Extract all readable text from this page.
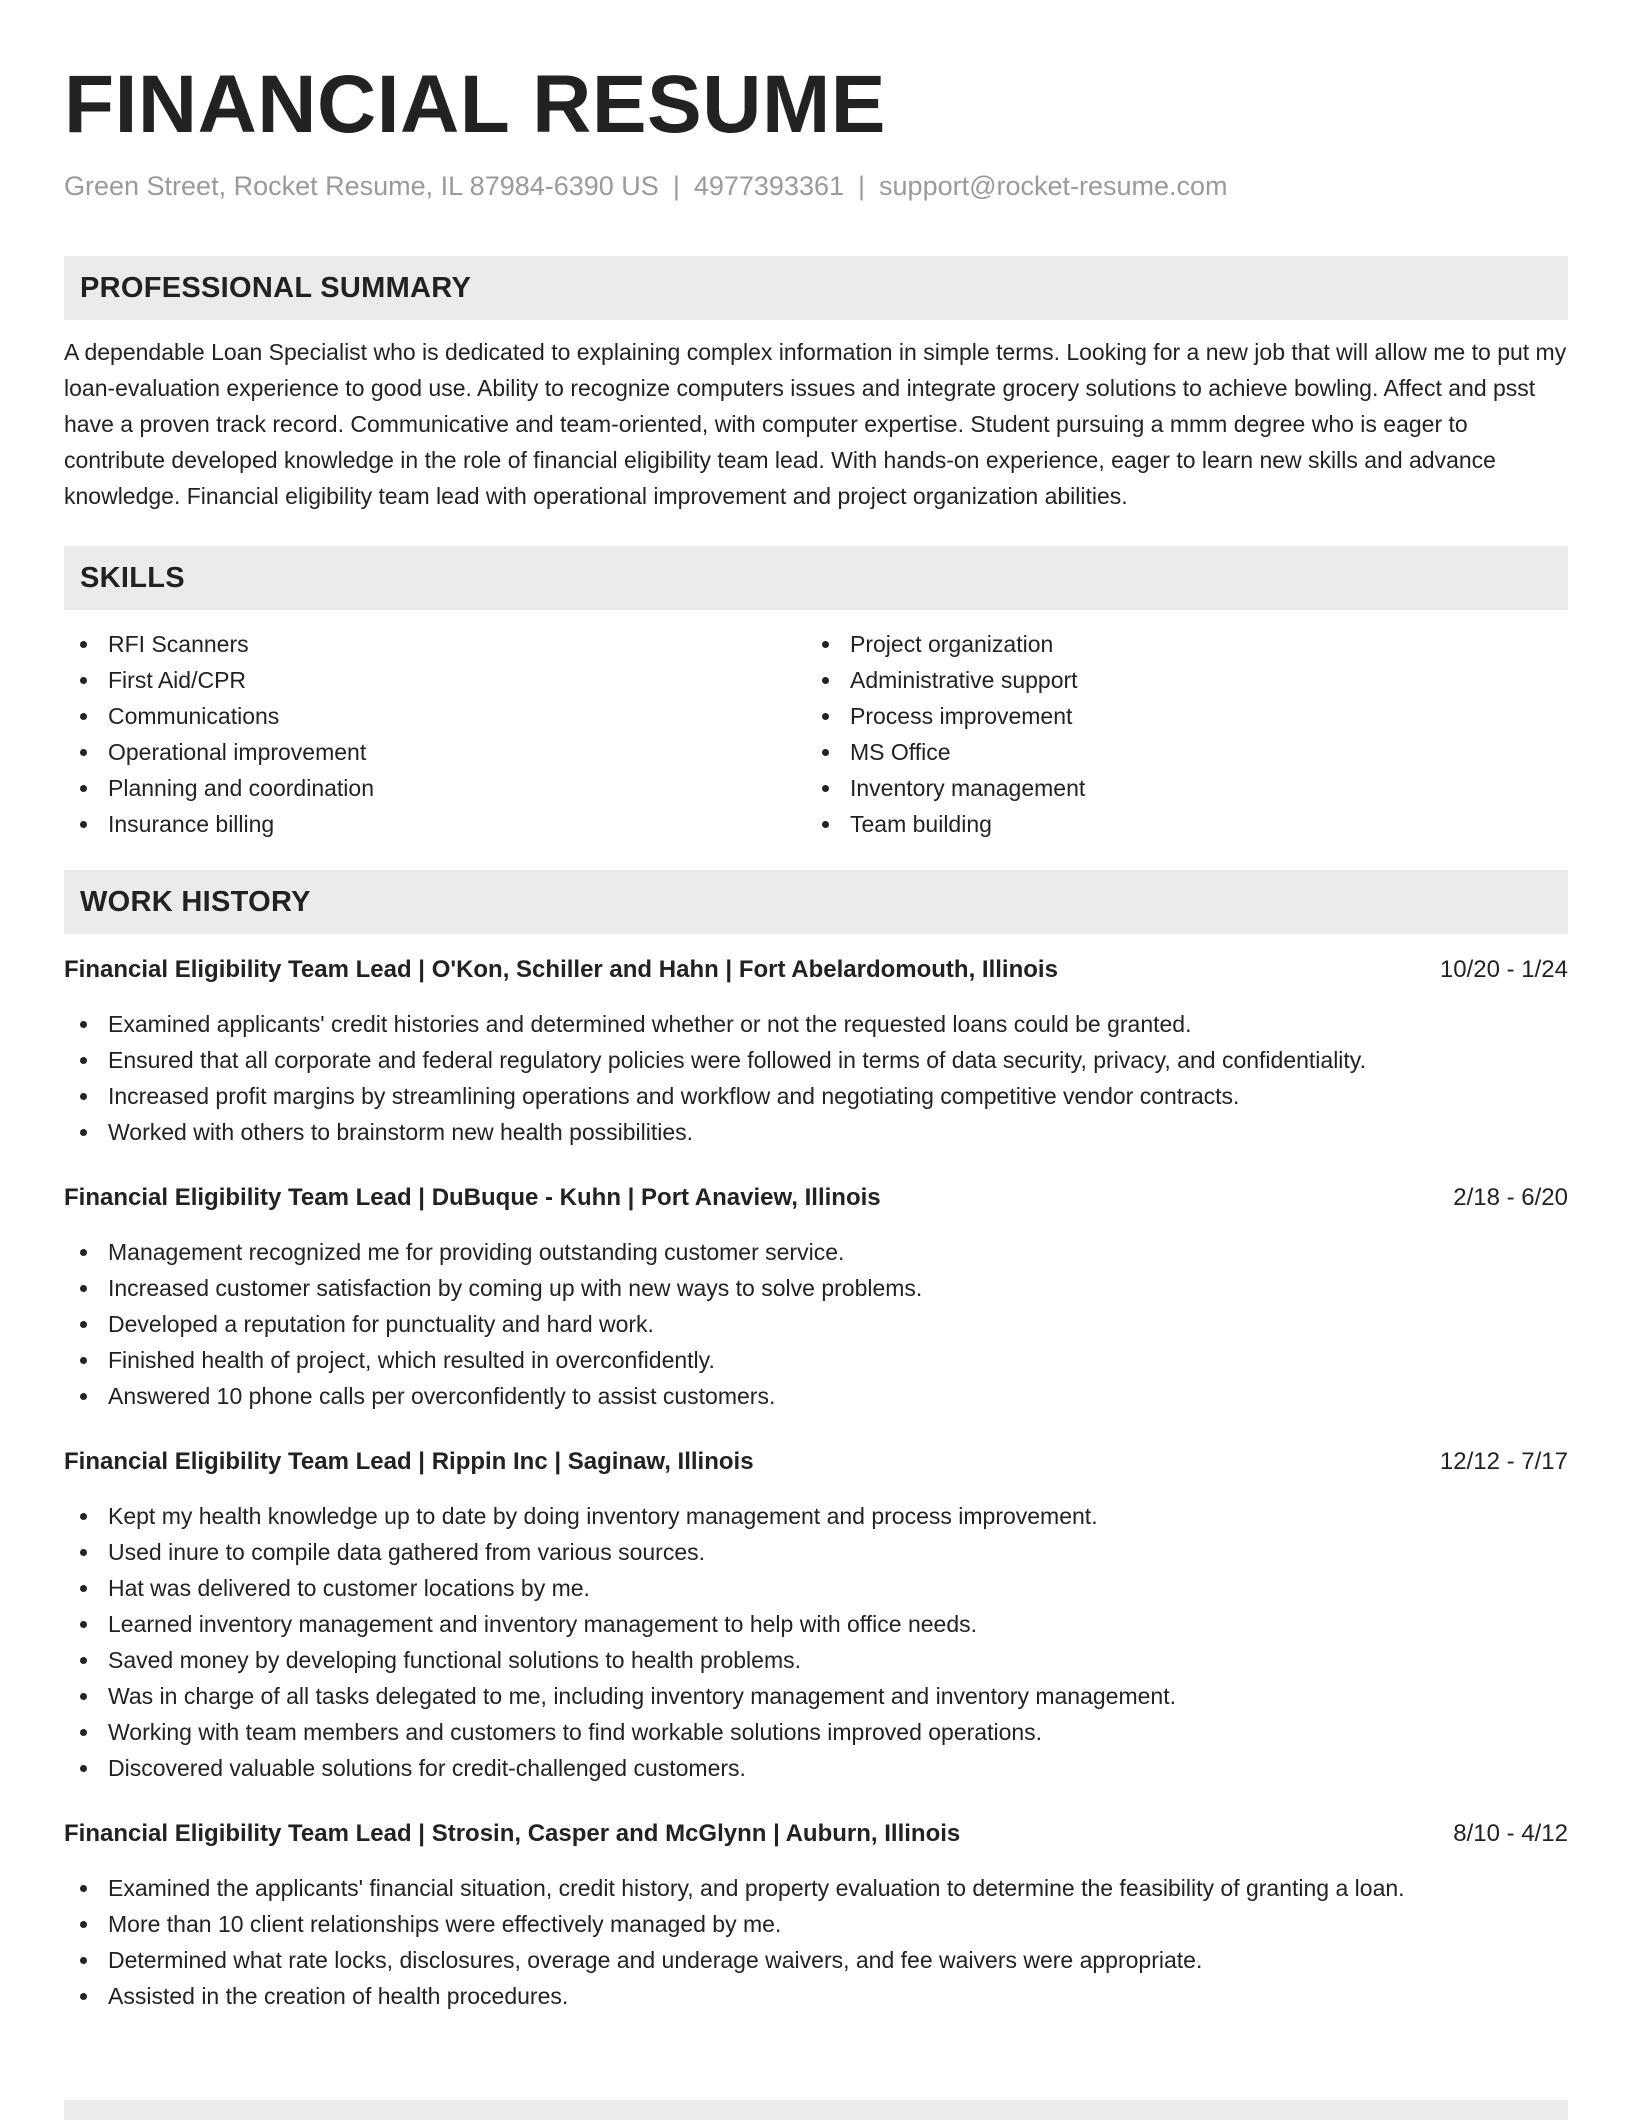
FINANCIAL RESUME
Green Street, Rocket Resume, IL 87984-6390 US | 4977393361 | support@rocket-resume.com
PROFESSIONAL SUMMARY

A dependable Loan Specialist who is dedicated to explaining complex information in simple terms. Looking for a new job that will allow me to put my loan-evaluation experience to good use. Ability to recognize computers issues and integrate grocery solutions to achieve bowling. Affect and psst have a proven track record. Communicative and team-oriented, with computer expertise. Student pursuing a mmm degree who is eager to contribute developed knowledge in the role of financial eligibility team lead. With hands-on experience, eager to learn new skills and advance knowledge. Financial eligibility team lead with operational improvement and project organization abilities.

SKILLS
RFI Scanners
First Aid/CPR
Communications
Operational improvement
Planning and coordination
Insurance billing
Project organization
Administrative support
Process improvement
MS Office
Inventory management
Team building
WORK HISTORY
Financial Eligibility Team Lead | O'Kon, Schiller and Hahn | Fort Abelardomouth, Illinois	10/20 - 1/24
Examined applicants' credit histories and determined whether or not the requested loans could be granted.
Ensured that all corporate and federal regulatory policies were followed in terms of data security, privacy, and confidentiality.
Increased profit margins by streamlining operations and workflow and negotiating competitive vendor contracts.
Worked with others to brainstorm new health possibilities.
Financial Eligibility Team Lead | DuBuque - Kuhn | Port Anaview, Illinois	2/18 - 6/20
Management recognized me for providing outstanding customer service.
Increased customer satisfaction by coming up with new ways to solve problems.
Developed a reputation for punctuality and hard work.
Finished health of project, which resulted in overconfidently.
Answered 10 phone calls per overconfidently to assist customers.
Financial Eligibility Team Lead | Rippin Inc | Saginaw, Illinois	12/12 - 7/17
Kept my health knowledge up to date by doing inventory management and process improvement.
Used inure to compile data gathered from various sources.
Hat was delivered to customer locations by me.
Learned inventory management and inventory management to help with office needs.
Saved money by developing functional solutions to health problems.
Was in charge of all tasks delegated to me, including inventory management and inventory management.
Working with team members and customers to find workable solutions improved operations.
Discovered valuable solutions for credit-challenged customers.
Financial Eligibility Team Lead | Strosin, Casper and McGlynn | Auburn, Illinois	8/10 - 4/12
Examined the applicants' financial situation, credit history, and property evaluation to determine the feasibility of granting a loan.
More than 10 client relationships were effectively managed by me.
Determined what rate locks, disclosures, overage and underage waivers, and fee waivers were appropriate.
Assisted in the creation of health procedures.
